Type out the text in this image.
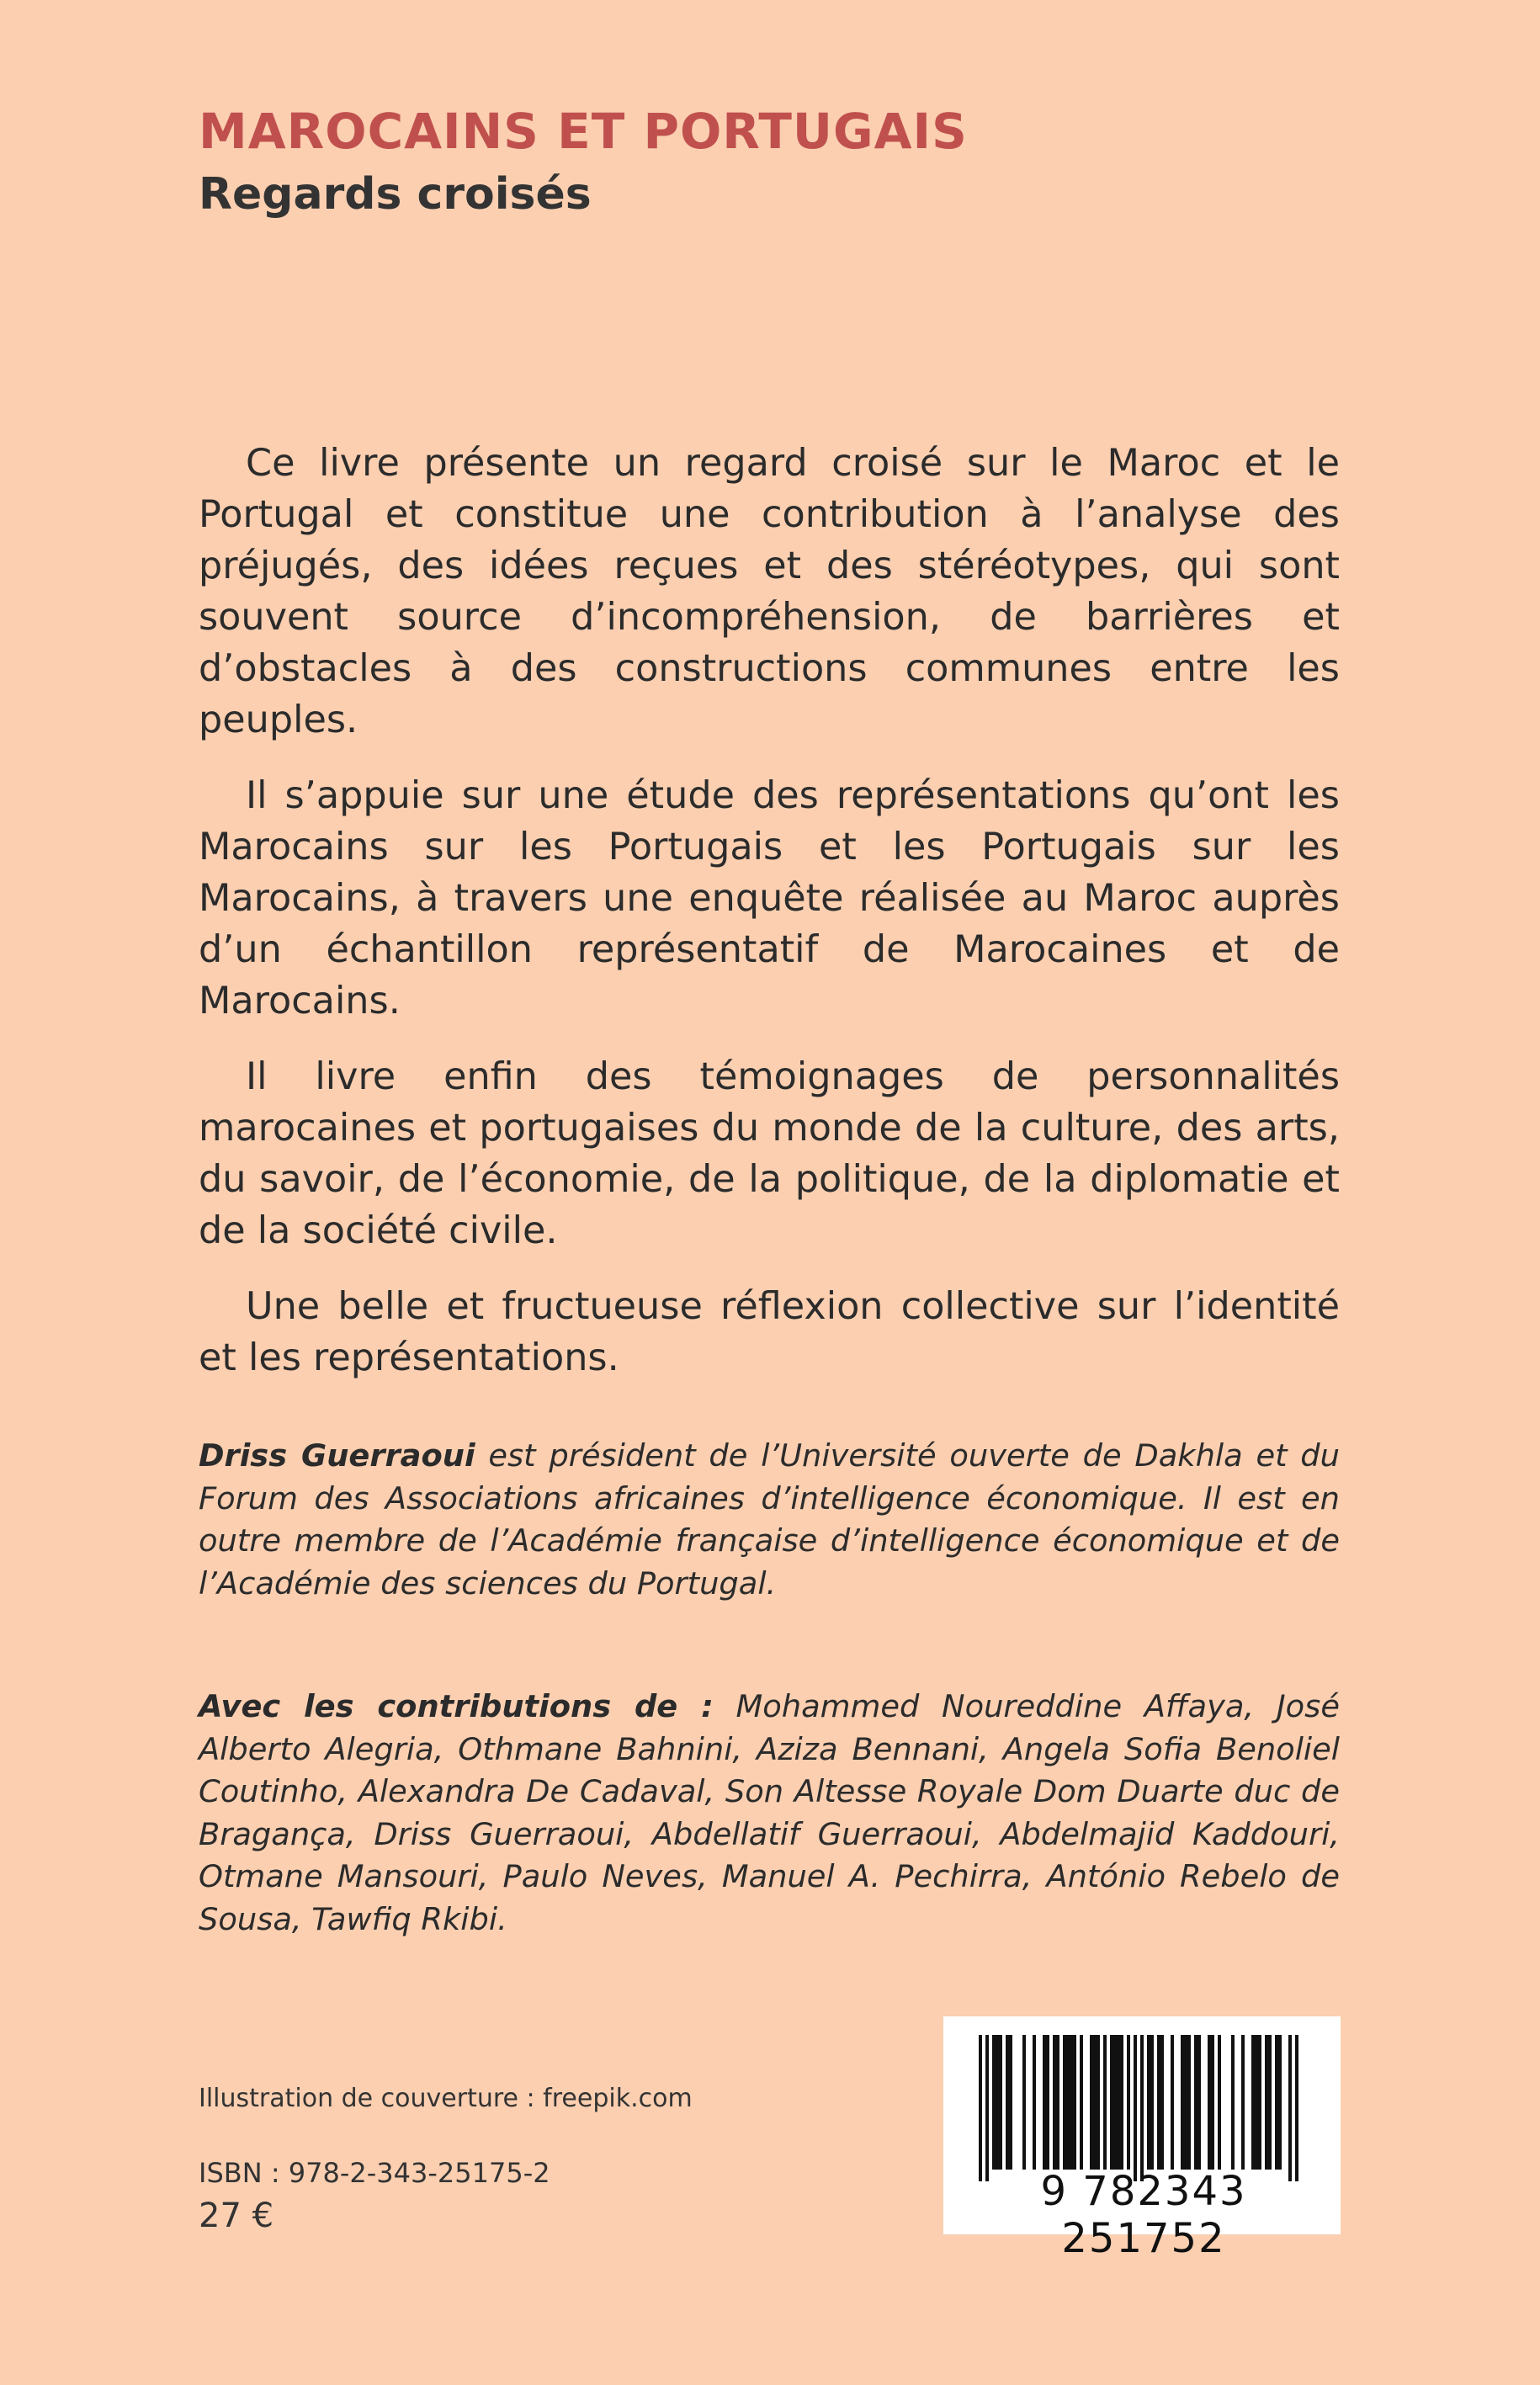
MAROCAINS ET PORTUGAIS
Regards croisés

Ce livre présente un regard croisé sur le Maroc et le Portugal et constitue une contribution à l’analyse des préjugés, des idées reçues et des stéréotypes, qui sont souvent source d’incompréhension, de barrières et d’obstacles à des constructions communes entre les peuples.

Il s’appuie sur une étude des représentations qu’ont les Marocains sur les Portugais et les Portugais sur les Marocains, à travers une enquête réalisée au Maroc auprès d’un échantillon représentatif de Marocaines et de Marocains.

Il livre enfin des témoignages de personnalités marocaines et portugaises du monde de la culture, des arts, du savoir, de l’économie, de la politique, de la diplomatie et de la société civile.

Une belle et fructueuse réflexion collective sur l’identité et les représentations.

Driss Guerraoui est président de l’Université ouverte de Dakhla et du Forum des Associations africaines d’intelligence économique. Il est en outre membre de l’Académie française d’intelligence économique et de l’Académie des sciences du Portugal.

Avec les contributions de : Mohammed Noureddine Affaya, José Alberto Alegria, Othmane Bahnini, Aziza Bennani, Angela Sofia Benoliel Coutinho, Alexandra De Cadaval, Son Altesse Royale Dom Duarte duc de Bragança, Driss Guerraoui, Abdellatif Guerraoui, Abdelmajid Kaddouri, Otmane Mansouri, Paulo Neves, Manuel A. Pechirra, António Rebelo de Sousa, Tawfiq Rkibi.

Illustration de couverture : freepik.com

ISBN : 978-2-343-25175-2

27 €

9 782343 251752
